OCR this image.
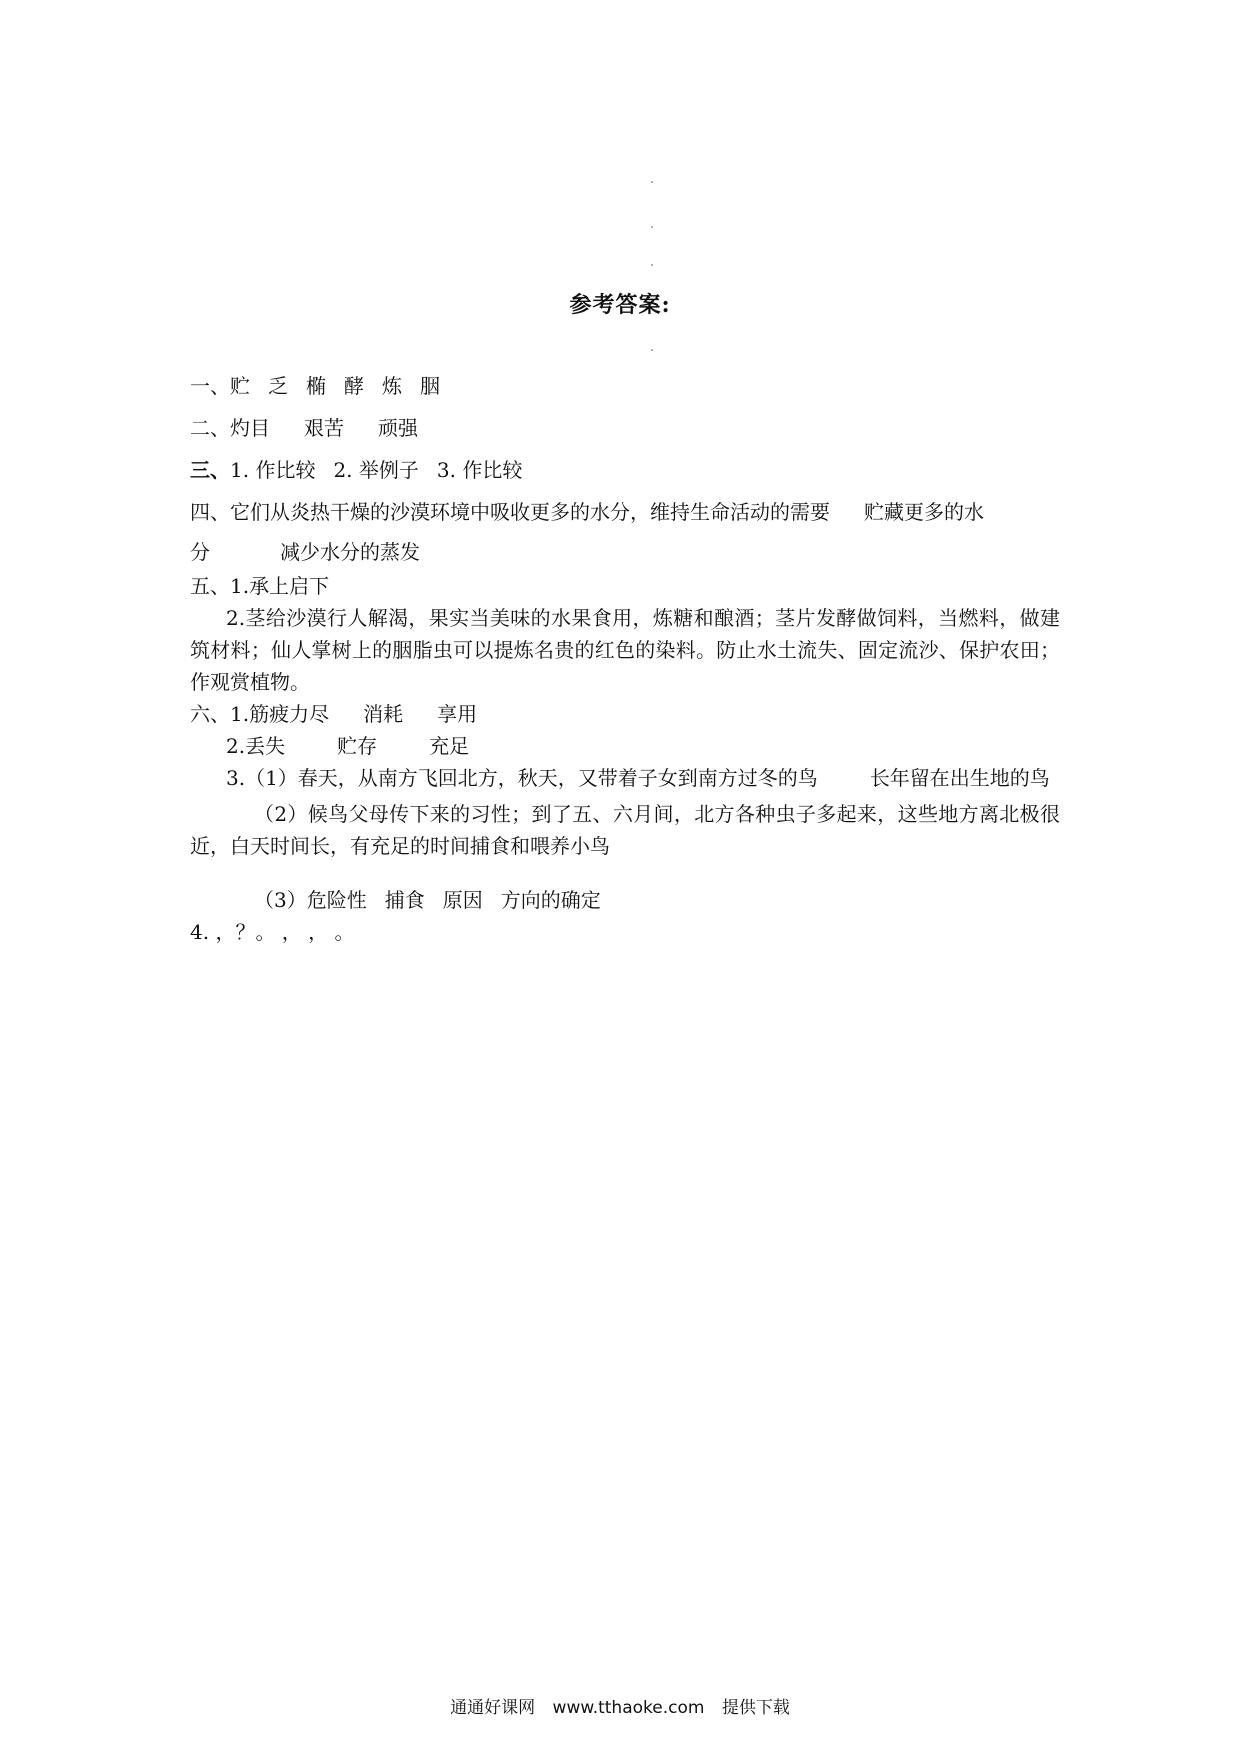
参考答案:
一、贮 乏 椭 酵 炼 胭
二、灼目 艰苦 顽强
三、1. 作比较 2. 举例子 3. 作比较
四、它们从炎热干燥的沙漠环境中吸收更多的水分，维持生命活动的需要 贮藏更多的水
分	减少水分的蒸发
五、1.承上启下
2.茎给沙漠行人解渴，果实当美味的水果食用，炼糖和酿酒；茎片发酵做饲料，当燃料，做建筑材料；仙人掌树上的胭脂虫可以提炼名贵的红色的染料。防止水土流失、固定流沙、保护农田；作观赏植物。
六、1.筋疲力尽 消耗 享用
2.丢失	贮存	充足
3.（1）春天，从南方飞回北方，秋天，又带着子女到南方过冬的鸟	长年留在出生地的鸟
（2）候鸟父母传下来的习性；到了五、六月间，北方各种虫子多起来，这些地方离北极很近，白天时间长，有充足的时间捕食和喂养小鸟
（3）危险性 捕食 原因 方向的确定
4. ，？。 ， ， 。
通通好课网 www.tthaoke.com 提供下载
